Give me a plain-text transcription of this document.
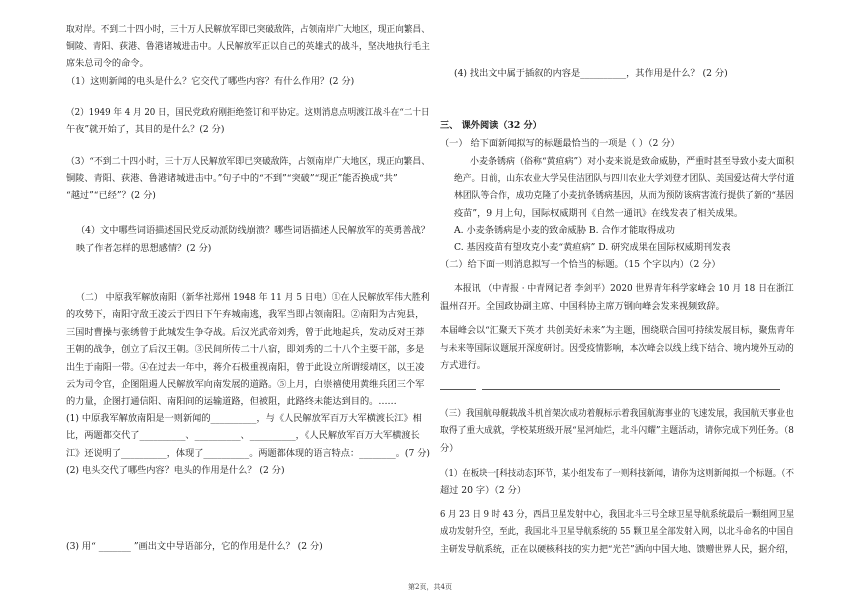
取对岸。不到二十四小时，三十万人民解放军即已突破敌阵，占领南岸广大地区，现正向繁昌、
铜陵、青阳、荻港、鲁港诸城进击中。人民解放军正以自己的英雄式的战斗，坚决地执行毛主
席朱总司令的命令。
（1）这则新闻的电头是什么？它交代了哪些内容？有什么作用？(2 分)
（2）1949 年 4 月 20 日，国民党政府刚拒绝签订和平协定。这则消息点明渡江战斗在“二十日
午夜”就开始了，其目的是什么？(2 分)
（3）“不到二十四小时，三十万人民解放军即已突破敌阵，占领南岸广大地区，现正向繁昌、
铜陵、青阳、荻港、鲁港诸城进击中。”句子中的“不到”“突破”“现正”能否换成“共”
“越过”“已经”？(2 分)
（4）文中哪些词语描述国民党反动派防线崩溃？哪些词语描述人民解放军的英勇善战？
映了作者怎样的思想感情？(2 分)
（二） 中原我军解放南阳（新华社郑州 1948 年 11 月 5 日电）①在人民解放军伟大胜利
的攻势下，南阳守敌王凌云于四日下午弃城南逃，我军当即占领南阳。②南阳为古宛县，
三国时曹操与张绣曾于此城发生争夺战。后汉光武帝刘秀，曾于此地起兵，发动反对王莽
王朝的战争，创立了后汉王朝。③民间所传二十八宿，即刘秀的二十八个主要干部，多是
出生于南阳一带。④在过去一年中，蒋介石极重视南阳，曾于此设立所谓绥靖区，以王凌
云为司令官，企图阻遏人民解放军向南发展的道路。⑤上月，白崇禧使用黄维兵团三个军
的力量，企图打通信阳、南阳间的运输道路，但被阻，此路终未能达到目的。……
(1) 中原我军解放南阳是一则新闻的__________，与《人民解放军百万大军横渡长江》相
比，两题都交代了__________、__________、__________，《人民解放军百万大军横渡长
江》还说明了__________，体现了__________。两题都体现的语言特点：________。(7 分)
(2) 电头交代了哪些内容？电头的作用是什么？ (2 分)
(3) 用“ _______ ”画出文中导语部分，它的作用是什么？ (2 分)
(4) 找出文中属于插叙的内容是__________，其作用是什么？ (2 分)
三、 课外阅读（32 分）
（一） 给下面新闻拟写的标题最恰当的一项是（ ）（2 分）
小麦条锈病（俗称“黄疸病”）对小麦来说是致命威胁，严重时甚至导致小麦大面积
绝产。日前，山东农业大学吴佳洁团队与四川农业大学刘登才团队、美国爱达荷大学付道
林团队等合作，成功克隆了小麦抗条锈病基因，从而为预防该病害流行提供了新的“基因
疫苗”，9 月上旬，国际权威期刊《自然一通讯》在线发表了相关成果。
A. 小麦条锈病是小麦的致命威胁 B. 合作才能取得成功
C. 基因疫苗有望攻克小麦“黄疸病” D. 研究成果在国际权威期刊发表
（二）给下面一则消息拟写一个恰当的标题。（15 个字以内）（2 分）
本报讯 （中青报 · 中青网记者 李剑平）2020 世界青年科学家峰会 10 月 18 日在浙江
温州召开。全国政协副主席、中国科协主席万钢向峰会发来视频致辞。
本届峰会以“汇聚天下英才 共创美好未来”为主题，围绕联合国可持续发展目标，聚焦青年
与未来等国际议题展开深度研讨。因受疫情影响，本次峰会以线上线下结合、境内境外互动的
方式进行。
（三）我国航母舰载战斗机首架次成功着舰标示着我国航海事业的飞速发展，我国航天事业也
取得了重大成就，学校某班级开展“星河灿烂，北斗闪耀”主题活动，请你完成下列任务。（8
分）
（1）在板块一[科技动态]环节，某小组发布了一则科技新闻，请你为这则新闻拟一个标题。（不
超过 20 字）（2 分）
6 月 23 日 9 时 43 分，西昌卫星发射中心，我国北斗三号全球卫星导航系统最后一颗组网卫星
成功发射升空，至此，我国北斗卫星导航系统的 55 颗卫星全部发射入网，以北斗命名的中国自
主研发导航系统，正在以硬核科技的实力把“光芒”洒向中国大地、馈赠世界人民，据介绍，
第2页，共4页
